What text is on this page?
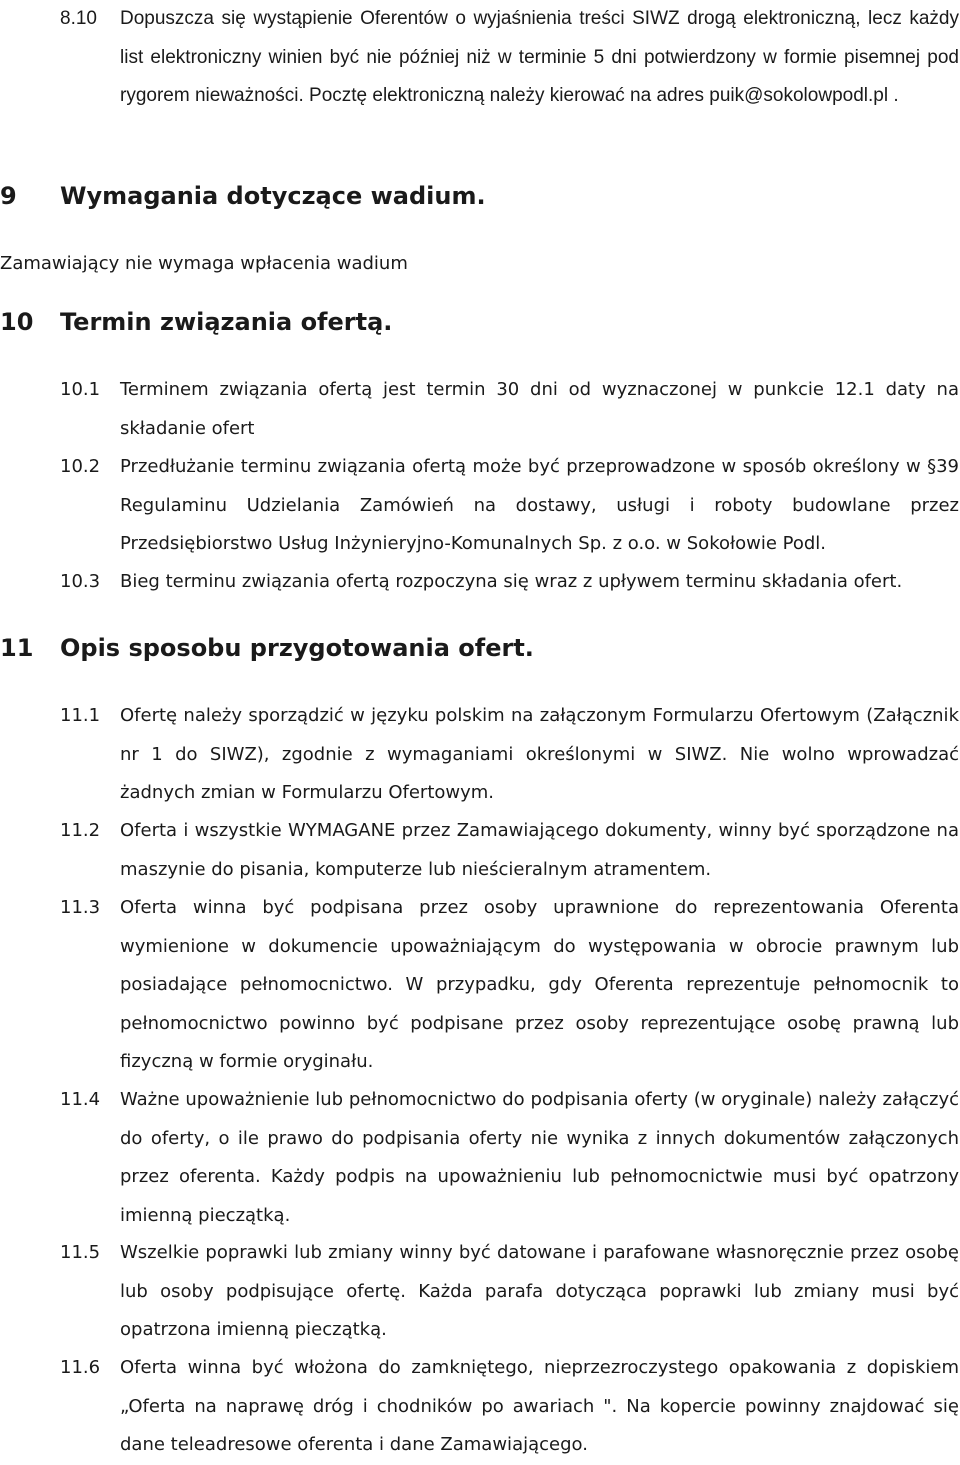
8.10	Dopuszcza się wystąpienie Oferentów o wyjaśnienia treści SIWZ drogą elektroniczną, lecz każdy list elektroniczny winien być nie później niż w terminie 5 dni potwierdzony w formie pisemnej pod rygorem nieważności. Pocztę elektroniczną należy kierować na adres puik@sokolowpodl.pl .
9 Wymagania dotyczące wadium.
Zamawiający nie wymaga wpłacenia wadium
10 Termin związania ofertą.
10.1	Terminem związania ofertą jest termin 30 dni od wyznaczonej w punkcie 12.1 daty na składanie ofert
10.2	Przedłużanie terminu związania ofertą może być przeprowadzone w sposób określony w §39 Regulaminu Udzielania Zamówień na dostawy, usługi i roboty budowlane przez Przedsiębiorstwo Usług Inżynieryjno-Komunalnych Sp. z o.o. w Sokołowie Podl.
10.3	Bieg terminu związania ofertą rozpoczyna się wraz z upływem terminu składania ofert.
11 Opis sposobu przygotowania ofert.
11.1	Ofertę należy sporządzić w języku polskim na załączonym Formularzu Ofertowym (Załącznik nr 1 do SIWZ), zgodnie z wymaganiami określonymi w SIWZ. Nie wolno wprowadzać żadnych zmian w Formularzu Ofertowym.
11.2	Oferta i wszystkie WYMAGANE przez Zamawiającego dokumenty, winny być sporządzone na maszynie do pisania, komputerze lub nieścieralnym atramentem.
11.3	Oferta winna być podpisana przez osoby uprawnione do reprezentowania Oferenta wymienione w dokumencie upoważniającym do występowania w obrocie prawnym lub posiadające pełnomocnictwo. W przypadku, gdy Oferenta reprezentuje pełnomocnik to pełnomocnictwo powinno być podpisane przez osoby reprezentujące osobę prawną lub fizyczną w formie oryginału.
11.4	Ważne upoważnienie lub pełnomocnictwo do podpisania oferty (w oryginale) należy załączyć do oferty, o ile prawo do podpisania oferty nie wynika z innych dokumentów załączonych przez oferenta. Każdy podpis na upoważnieniu lub pełnomocnictwie musi być opatrzony imienną pieczątką.
11.5	Wszelkie poprawki lub zmiany winny być datowane i parafowane własnoręcznie przez osobę lub osoby podpisujące ofertę. Każda parafa dotycząca poprawki lub zmiany musi być opatrzona imienną pieczątką.
11.6	Oferta winna być włożona do zamkniętego, nieprzezroczystego opakowania z dopiskiem „Oferta na naprawę dróg i chodników po awariach ". Na kopercie powinny znajdować się dane teleadresowe oferenta i dane Zamawiającego.
